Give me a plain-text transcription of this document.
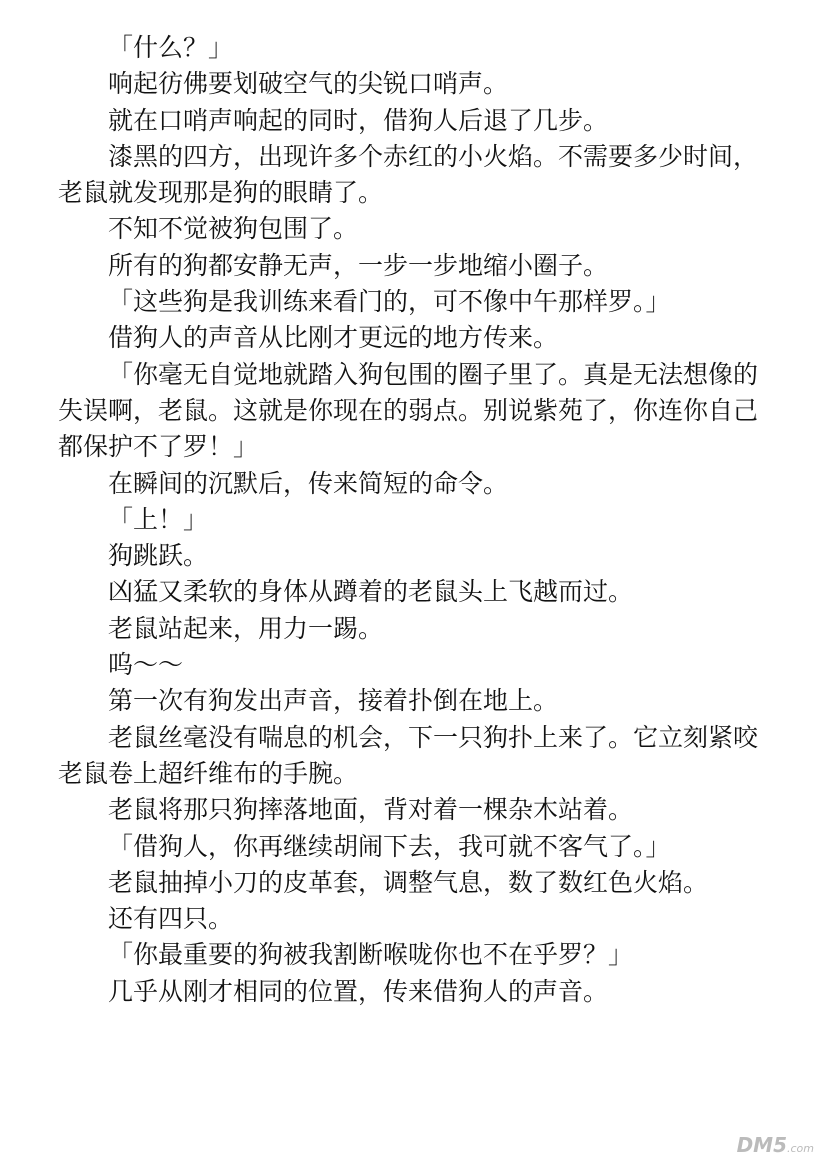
「什么？」

响起彷佛要划破空气的尖锐口哨声。

就在口哨声响起的同时，借狗人后退了几步。

漆黑的四方，出现许多个赤红的小火焰。不需要多少时间，老鼠就发现那是狗的眼睛了。

不知不觉被狗包围了。

所有的狗都安静无声，一步一步地缩小圈子。

「这些狗是我训练来看门的，可不像中午那样罗。」

借狗人的声音从比刚才更远的地方传来。

「你毫无自觉地就踏入狗包围的圈子里了。真是无法想像的失误啊，老鼠。这就是你现在的弱点。别说紫苑了，你连你自己都保护不了罗！」

在瞬间的沉默后，传来简短的命令。

「上！」

狗跳跃。

凶猛又柔软的身体从蹲着的老鼠头上飞越而过。

老鼠站起来，用力一踢。

呜～～

第一次有狗发出声音，接着扑倒在地上。

老鼠丝毫没有喘息的机会，下一只狗扑上来了。它立刻紧咬老鼠卷上超纤维布的手腕。

老鼠将那只狗摔落地面，背对着一棵杂木站着。

「借狗人，你再继续胡闹下去，我可就不客气了。」

老鼠抽掉小刀的皮革套，调整气息，数了数红色火焰。

还有四只。

「你最重要的狗被我割断喉咙你也不在乎罗？」

几乎从刚才相同的位置，传来借狗人的声音。

DM5.com
